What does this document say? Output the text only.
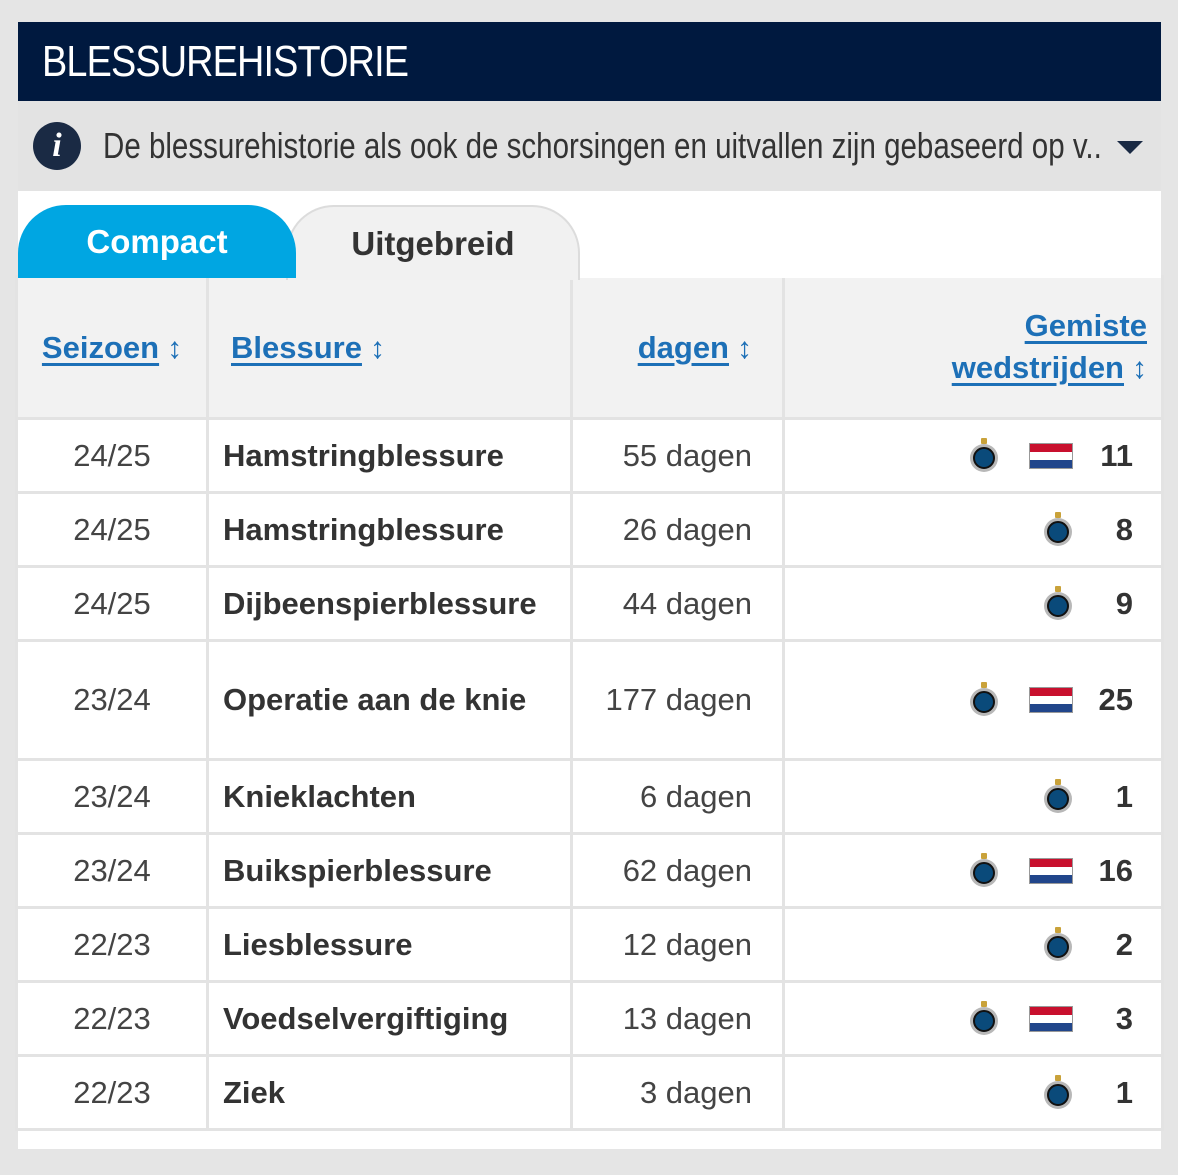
BLESSUREHISTORIE
i	De blessurehistorie als ook de schorsingen en uitvallen zijn gebaseerd op v..
Uitgebreid
Compact
Seizoen ↕	Blessure ↕	dagen ↕	Gemiste
wedstrijden ↕
24/25	Hamstringblessure	55 dagen	11

24/25	Hamstringblessure	26 dagen	8

24/25	Dijbeenspierblessure	44 dagen	9

23/24	Operatie aan de knie	177 dagen	25

23/24	Knieklachten	6 dagen	1

23/24	Buikspierblessure	62 dagen	16

22/23	Liesblessure	12 dagen	2

22/23	Voedselvergiftiging	13 dagen	3

22/23	Ziek	3 dagen	1
